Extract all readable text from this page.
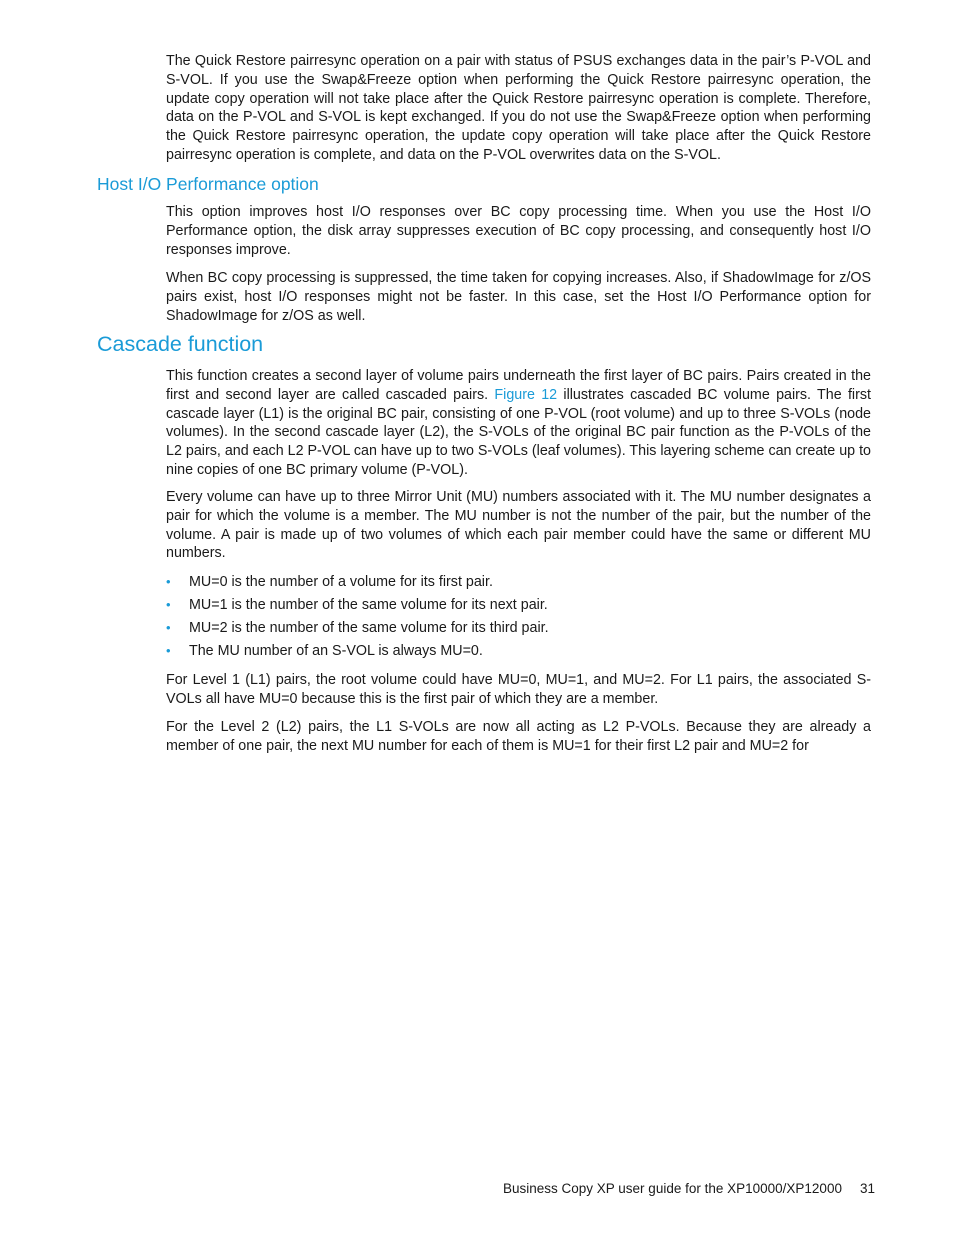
The Quick Restore pairresync operation on a pair with status of PSUS exchanges data in the pair’s P-VOL and S-VOL. If you use the Swap&Freeze option when performing the Quick Restore pairresync operation, the update copy operation will not take place after the Quick Restore pairresync operation is complete. Therefore, data on the P-VOL and S-VOL is kept exchanged. If you do not use the Swap&Freeze option when performing the Quick Restore pairresync operation, the update copy operation will take place after the Quick Restore pairresync operation is complete, and data on the P-VOL overwrites data on the S-VOL.

Host I/O Performance option

This option improves host I/O responses over BC copy processing time. When you use the Host I/O Performance option, the disk array suppresses execution of BC copy processing, and consequently host I/O responses improve.

When BC copy processing is suppressed, the time taken for copying increases. Also, if ShadowImage for z/OS pairs exist, host I/O responses might not be faster. In this case, set the Host I/O Performance option for ShadowImage for z/OS as well.

Cascade function

This function creates a second layer of volume pairs underneath the first layer of BC pairs. Pairs created in the first and second layer are called cascaded pairs. Figure 12 illustrates cascaded BC volume pairs. The first cascade layer (L1) is the original BC pair, consisting of one P-VOL (root volume) and up to three S-VOLs (node volumes). In the second cascade layer (L2), the S-VOLs of the original BC pair function as the P-VOLs of the L2 pairs, and each L2 P-VOL can have up to two S-VOLs (leaf volumes). This layering scheme can create up to nine copies of one BC primary volume (P-VOL).

Every volume can have up to three Mirror Unit (MU) numbers associated with it. The MU number designates a pair for which the volume is a member. The MU number is not the number of the pair, but the number of the volume. A pair is made up of two volumes of which each pair member could have the same or different MU numbers.

• MU=0 is the number of a volume for its first pair.
• MU=1 is the number of the same volume for its next pair.
• MU=2 is the number of the same volume for its third pair.
• The MU number of an S-VOL is always MU=0.

For Level 1 (L1) pairs, the root volume could have MU=0, MU=1, and MU=2. For L1 pairs, the associated S-VOLs all have MU=0 because this is the first pair of which they are a member.

For the Level 2 (L2) pairs, the L1 S-VOLs are now all acting as L2 P-VOLs. Because they are already a member of one pair, the next MU number for each of them is MU=1 for their first L2 pair and MU=2 for

Business Copy XP user guide for the XP10000/XP12000 31
